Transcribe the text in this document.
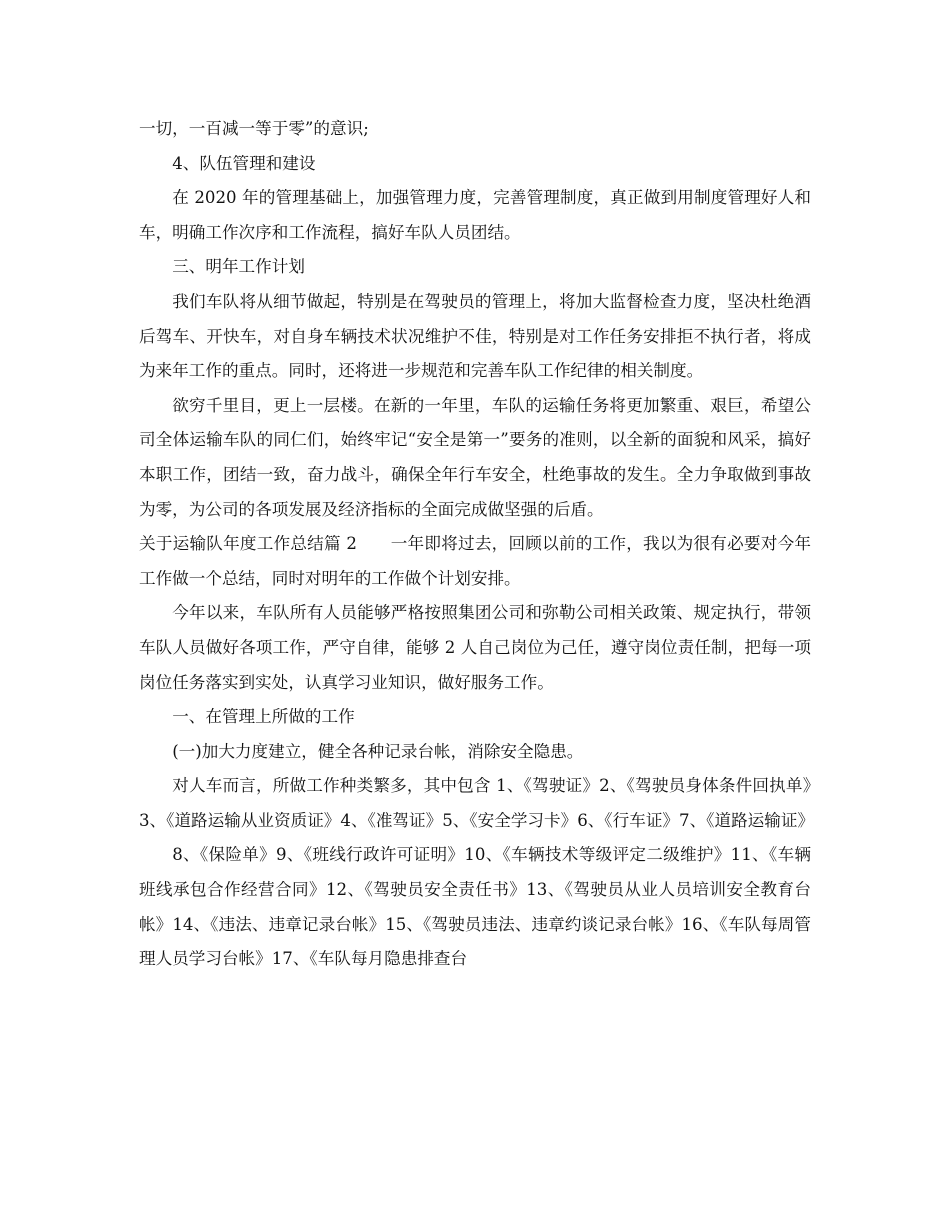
一切，一百减一等于零”的意识;

4、队伍管理和建设

在 2020 年的管理基础上，加强管理力度，完善管理制度，真正做到用制度管理好人和车，明确工作次序和工作流程，搞好车队人员团结。

三、明年工作计划

我们车队将从细节做起，特别是在驾驶员的管理上，将加大监督检查力度，坚决杜绝酒后驾车、开快车，对自身车辆技术状况维护不佳，特别是对工作任务安排拒不执行者，将成为来年工作的重点。同时，还将进一步规范和完善车队工作纪律的相关制度。

欲穷千里目，更上一层楼。在新的一年里，车队的运输任务将更加繁重、艰巨，希望公司全体运输车队的同仁们，始终牢记“安全是第一”要务的准则，以全新的面貌和风采，搞好本职工作，团结一致，奋力战斗，确保全年行车安全，杜绝事故的发生。全力争取做到事故为零，为公司的各项发展及经济指标的全面完成做坚强的后盾。

关于运输队年度工作总结篇 2　　一年即将过去，回顾以前的工作，我以为很有必要对今年工作做一个总结，同时对明年的工作做个计划安排。

今年以来，车队所有人员能够严格按照集团公司和弥勒公司相关政策、规定执行，带领车队人员做好各项工作，严守自律，能够 2 人自己岗位为己任，遵守岗位责任制，把每一项岗位任务落实到实处，认真学习业知识，做好服务工作。

一、在管理上所做的工作

(一)加大力度建立，健全各种记录台帐，消除安全隐患。

对人车而言，所做工作种类繁多，其中包含 1、《驾驶证》2、《驾驶员身体条件回执单》3、《道路运输从业资质证》4、《准驾证》5、《安全学习卡》6、《行车证》7、《道路运输证》

8、《保险单》9、《班线行政许可证明》10、《车辆技术等级评定二级维护》11、《车辆班线承包合作经营合同》12、《驾驶员安全责任书》13、《驾驶员从业人员培训安全教育台帐》14、《违法、违章记录台帐》15、《驾驶员违法、违章约谈记录台帐》16、《车队每周管理人员学习台帐》17、《车队每月隐患排查台
